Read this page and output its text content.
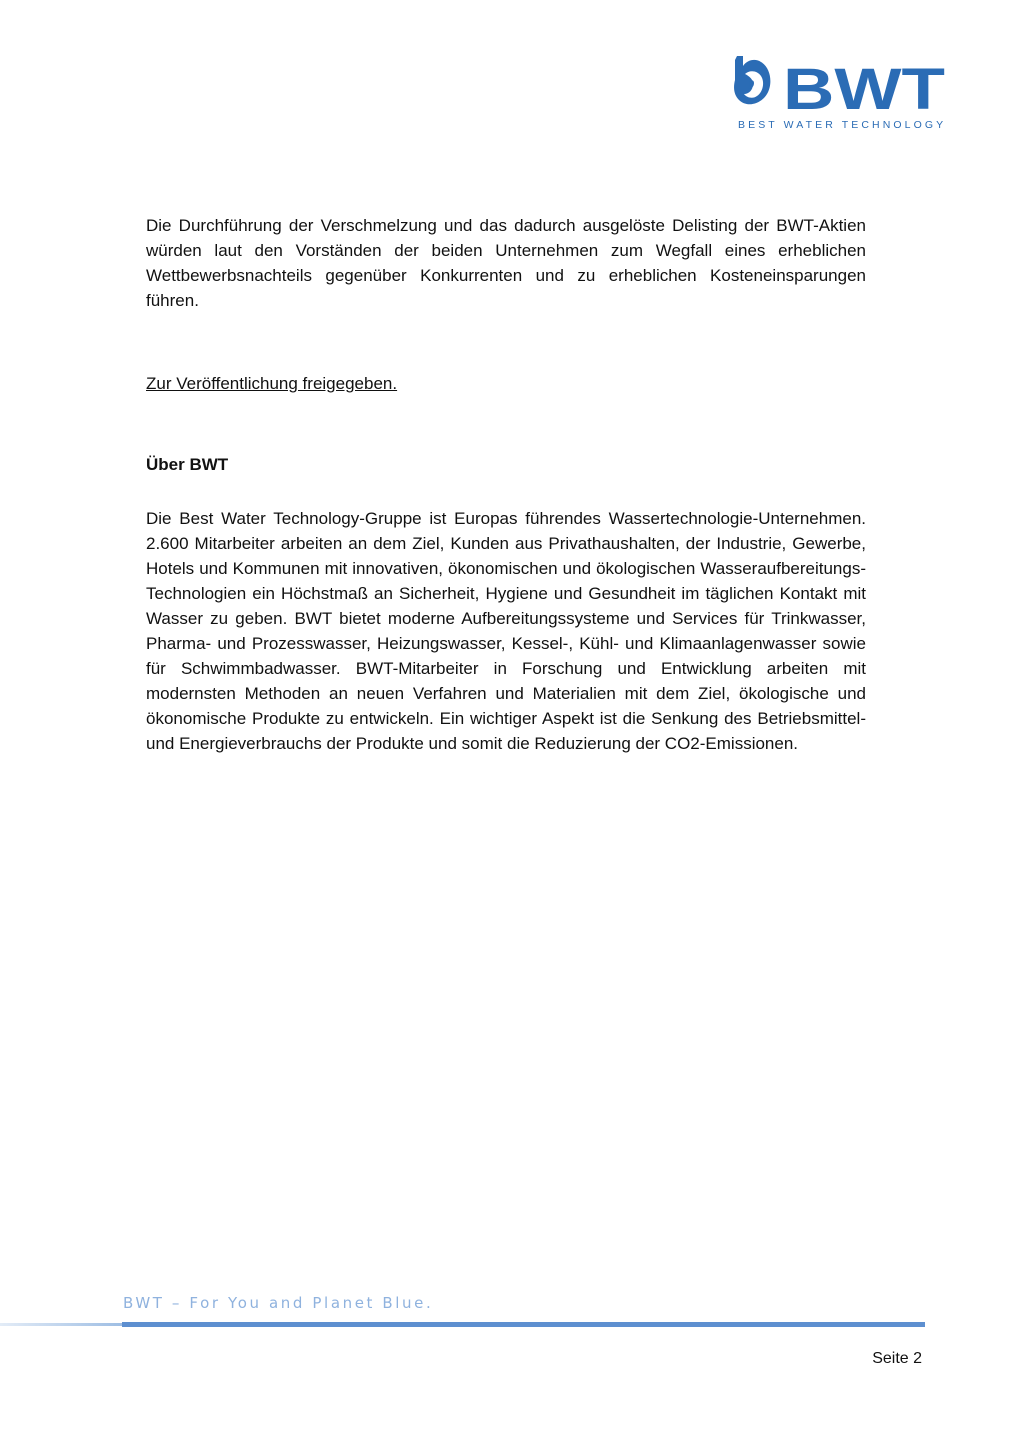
BWT
BEST WATER TECHNOLOGY

Die Durchführung der Verschmelzung und das dadurch ausgelöste Delisting der BWT-Aktien würden laut den Vorständen der beiden Unternehmen zum Wegfall eines erheblichen Wettbewerbsnachteils gegenüber Konkurrenten und zu erheblichen Kosteneinsparungen führen.

Zur Veröffentlichung freigegeben.
Über BWT
Die Best Water Technology-Gruppe ist Europas führendes Wassertechnologie-Unternehmen. 2.600 Mitarbeiter arbeiten an dem Ziel, Kunden aus Privathaushalten, der Industrie, Gewerbe, Hotels und Kommunen mit innovativen, ökonomischen und ökologischen Wasseraufbereitungs-Technologien ein Höchstmaß an Sicherheit, Hygiene und Gesundheit im täglichen Kontakt mit Wasser zu geben. BWT bietet moderne Aufbereitungssysteme und Services für Trinkwasser, Pharma- und Prozesswasser, Heizungswasser, Kessel-, Kühl- und Klimaanlagenwasser sowie für Schwimmbadwasser. BWT-Mitarbeiter in Forschung und Entwicklung arbeiten mit modernsten Methoden an neuen Verfahren und Materialien mit dem Ziel, ökologische und ökonomische Produkte zu entwickeln. Ein wichtiger Aspekt ist die Senkung des Betriebsmittel- und Energieverbrauchs der Produkte und somit die Reduzierung der CO2-Emissionen.
BWT – For You and Planet Blue.
Seite 2
